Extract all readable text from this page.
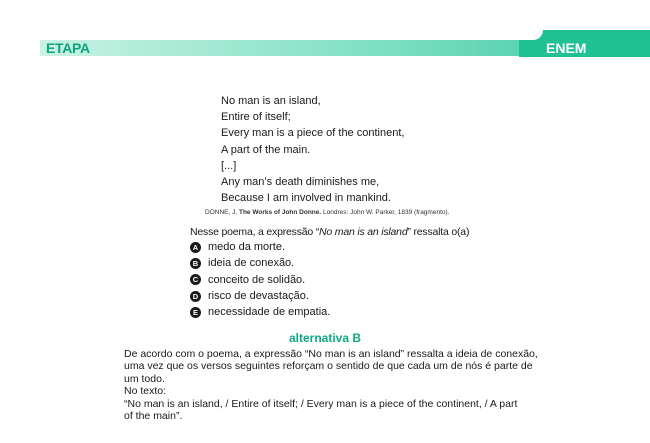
ETAPA	ENEM
No man is an island,
Entire of itself;
Every man is a piece of the continent,
A part of the main.
[...]
Any man’s death diminishes me,
Because I am involved in mankind.
DONNE, J. The Works of John Donne. Londres: John W. Parker, 1839 (fragmento).
Nesse poema, a expressão “No man is an island” ressalta o(a)
A medo da morte.
B ideia de conexão.
C conceito de solidão.
D risco de devastação.
E necessidade de empatia.
alternativa B
De acordo com o poema, a expressão “No man is an island” ressalta a ideia de conexão,
uma vez que os versos seguintes reforçam o sentido de que cada um de nós é parte de
um todo.
No texto:
“No man is an island, / Entire of itself; / Every man is a piece of the continent, / A part
of the main”.
